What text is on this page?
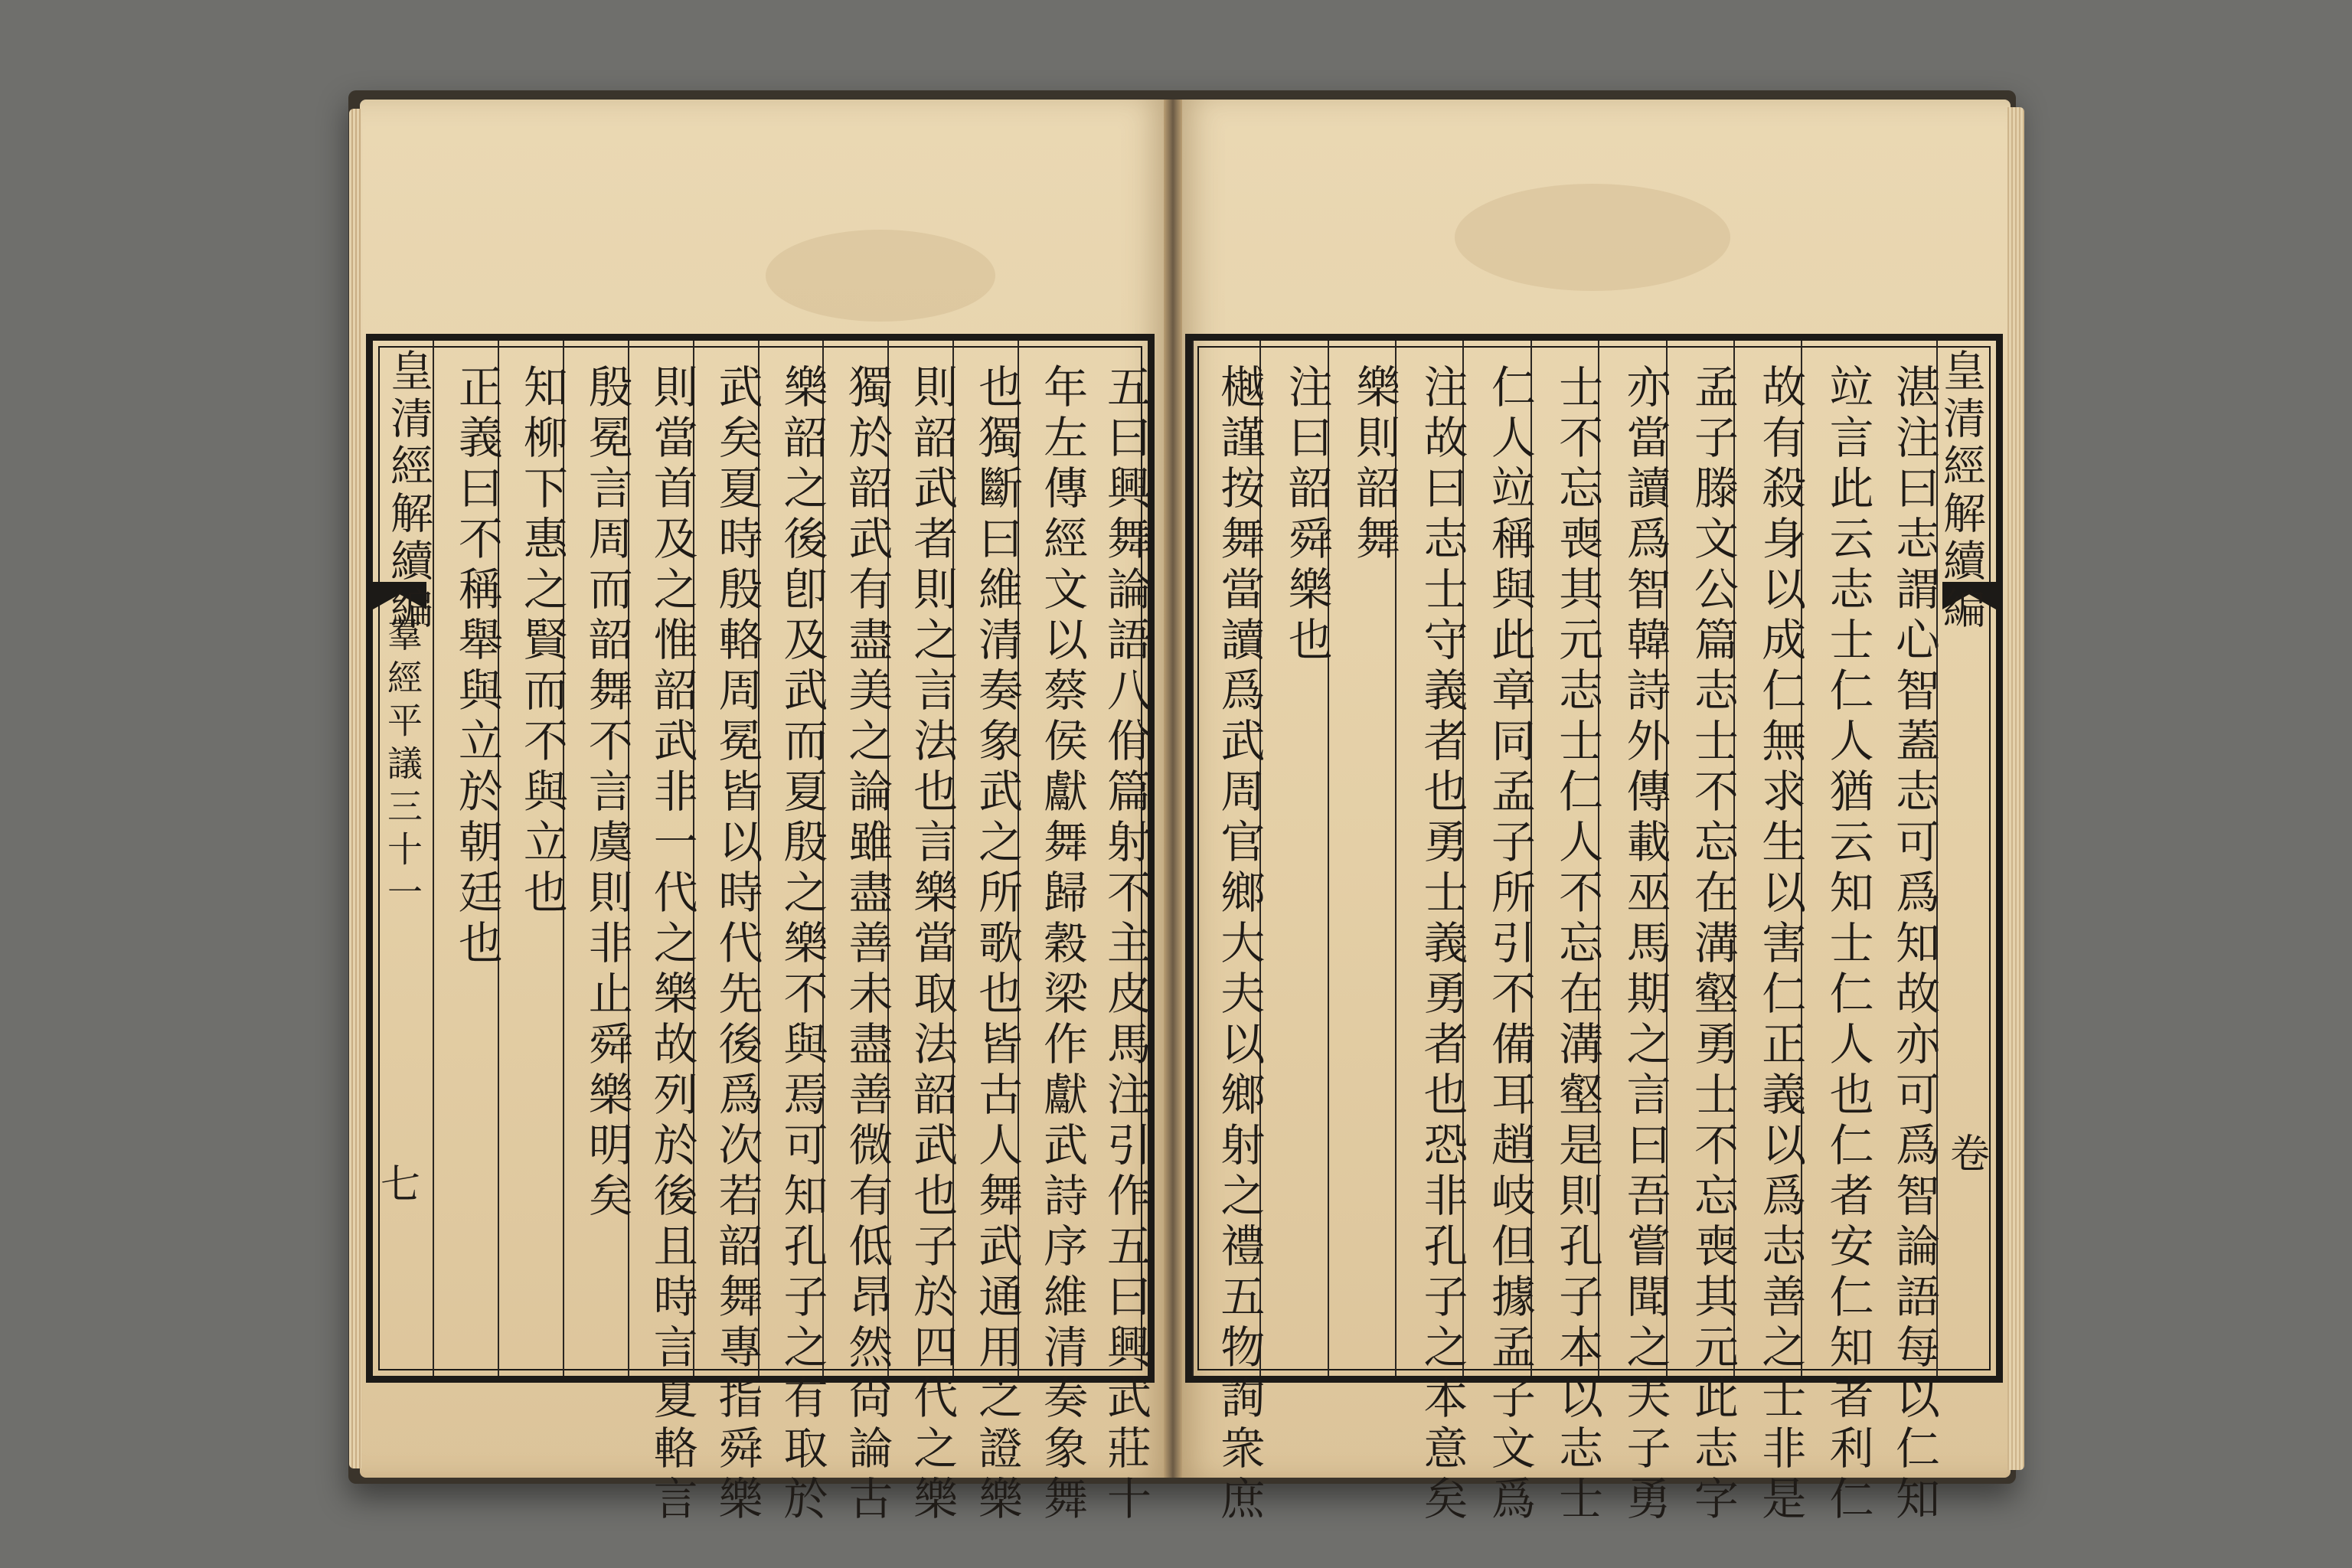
五曰興舞論語八佾篇射不主皮馬注引作五曰興武莊十
年左傳經文以蔡侯獻舞歸穀梁作獻武詩序維清奏象舞
也獨斷曰維清奏象武之所歌也皆古人舞武通用之證樂
則韶武者則之言法也言樂當取法韶武也子於四代之樂
獨於韶武有盡美之論雖盡善未盡善微有低昂然尙論古
樂韶之後卽及武而夏殷之樂不與焉可知孔子之有取於
武矣夏時殷輅周冕皆以時代先後爲次若韶舞專指舜樂
則當首及之惟韶武非一代之樂故列於後且時言夏輅言
殷冕言周而韶舞不言虞則非止舜樂明矣
知柳下惠之賢而不與立也
正義曰不稱舉與立於朝廷也
皇清經解續編
羣經平議三十一
七	湛注曰志謂心智蓋志可爲知故亦可爲智論語每以仁知
竝言此云志士仁人猶云知士仁人也仁者安仁知者利仁
故有殺身以成仁無求生以害仁正義以爲志善之士非是
孟子滕文公篇志士不忘在溝壑勇士不忘喪其元此志字
亦當讀爲智韓詩外傳載巫馬期之言曰吾嘗聞之夫子勇
士不忘喪其元志士仁人不忘在溝壑是則孔子本以志士
仁人竝稱與此章同孟子所引不備耳趙岐但據孟子文爲
注故曰志士守義者也勇士義勇者也恐非孔子之本意矣
樂則韶舞
注曰韶舜樂也
樾謹按舞當讀爲武周官鄉大夫以鄉射之禮五物詢衆庶	皇清經解續編
卷
